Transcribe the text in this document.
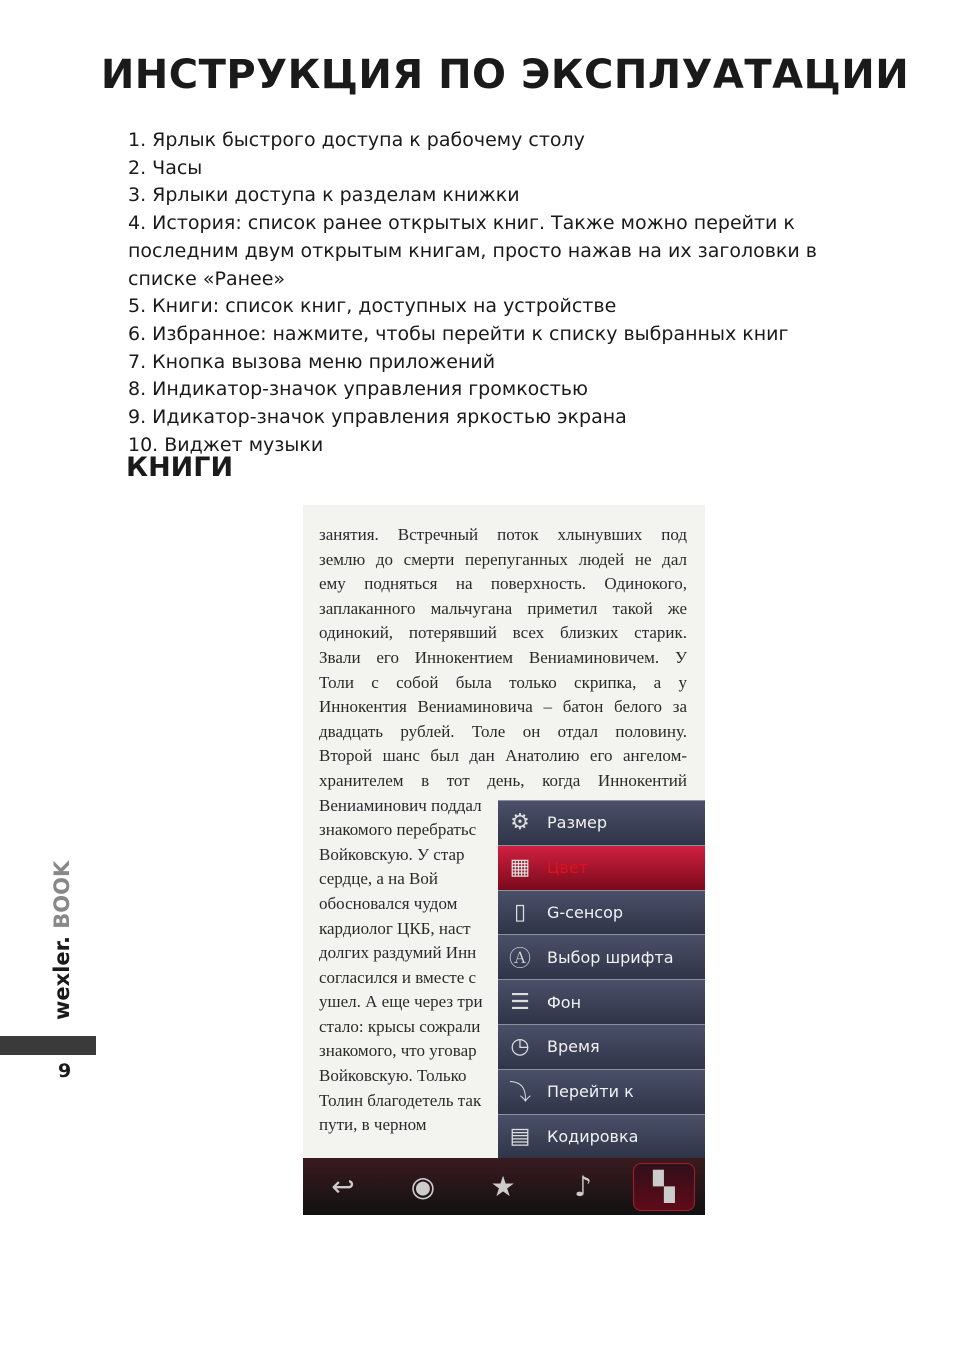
ИНСТРУКЦИЯ ПО ЭКСПЛУАТАЦИИ
1. Ярлык быстрого доступа к рабочему столу
2. Часы
3. Ярлыки доступа к разделам книжки
4. История: список ранее открытых книг. Также можно перейти к последним двум открытым книгам, просто нажав на их заголовки в списке «Ранее»
5. Книги: список книг, доступных на устройстве
6. Избранное: нажмите, чтобы перейти к списку выбранных книг
7. Кнопка вызова меню приложений
8. Индикатор-значок управления громкостью
9. Идикатор-значок управления яркостью экрана
10. Виджет музыки
КНИГИ
wexler. BOOK
9
занятия. Встречный поток хлынувших под
землю до смерти перепуганных людей не дал
ему подняться на поверхность. Одинокого,
заплаканного мальчугана приметил такой же
одинокий, потерявший всех близких старик.
Звали его Иннокентием Вениаминовичем. У
Толи с собой была только скрипка, а у
Иннокентия Вениаминовича – батон белого за
двадцать рублей. Толе он отдал половину.
Второй шанс был дан Анатолию его ангелом-
хранителем в тот день, когда Иннокентий
Вениаминович поддал
знакомого перебратьс
Войковскую. У стар
сердце, а на Вой
обосновался чудом
кардиолог ЦКБ, наст
долгих раздумий Инн
согласился и вместе с
ушел. А еще через три
стало: крысы сожрали
знакомого, что уговар
Войковскую. Только
Толин благодетель так
пути, в черном
⚙	Размер
▦	Цвет
▯	G-сенсор
Ⓐ	Выбор шрифта
☰	Фон
◷	Время
⤵	Перейти к
▤	Кодировка
↩	◉	★	♪	▚
